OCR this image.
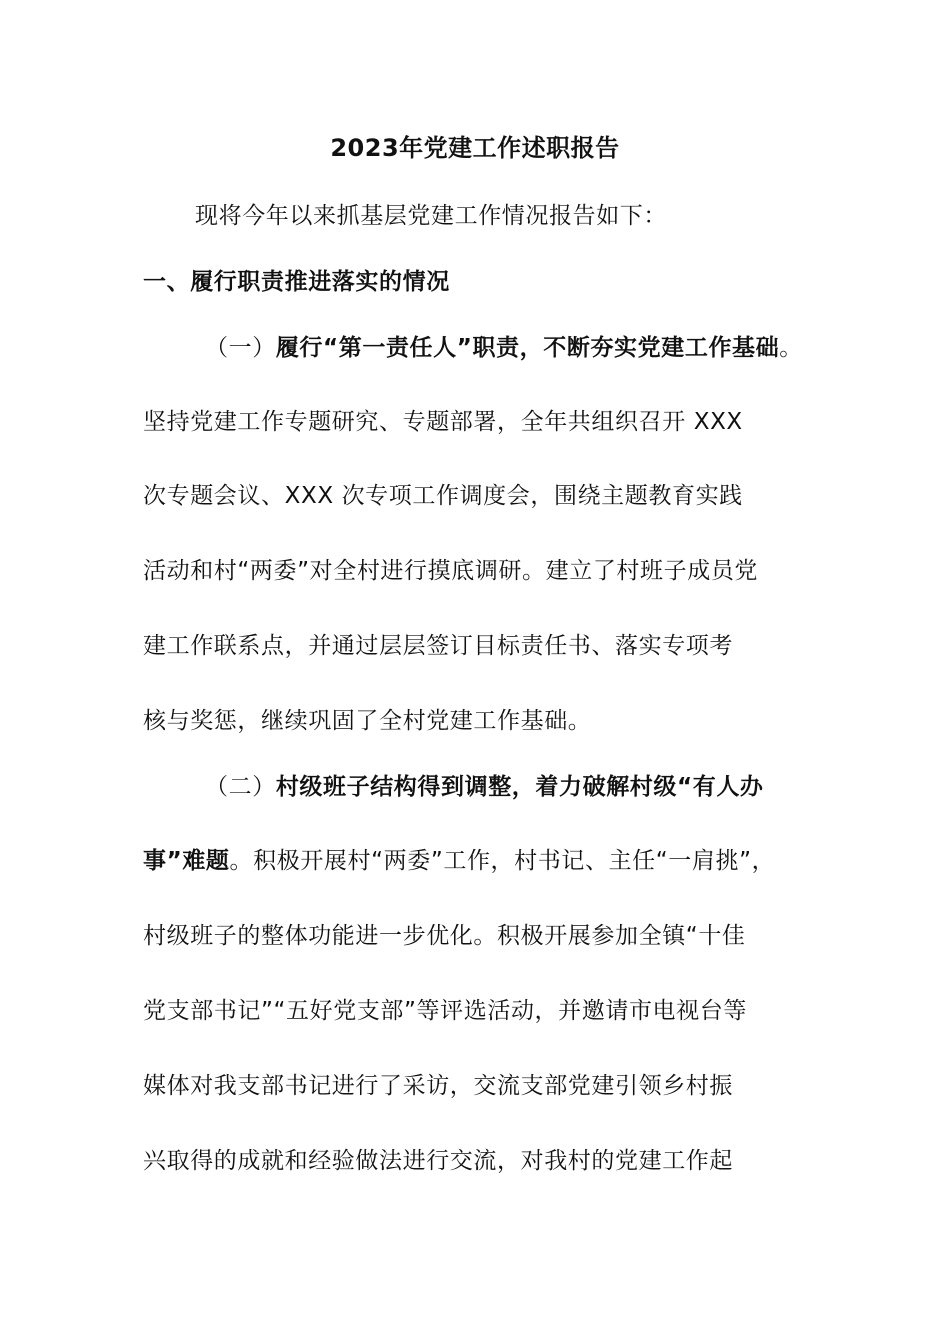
2023年党建工作述职报告
现将今年以来抓基层党建工作情况报告如下：
一、履行职责推进落实的情况
（一）履行“第一责任人”职责，不断夯实党建工作基础。
坚持党建工作专题研究、专题部署，全年共组织召开 XXX
次专题会议、XXX 次专项工作调度会，围绕主题教育实践
活动和村“两委”对全村进行摸底调研。建立了村班子成员党
建工作联系点，并通过层层签订目标责任书、落实专项考
核与奖惩，继续巩固了全村党建工作基础。
（二）村级班子结构得到调整，着力破解村级“有人办
事”难题。积极开展村“两委”工作，村书记、主任“一肩挑”，
村级班子的整体功能进一步优化。积极开展参加全镇“十佳
党支部书记”“五好党支部”等评选活动，并邀请市电视台等
媒体对我支部书记进行了采访，交流支部党建引领乡村振
兴取得的成就和经验做法进行交流，对我村的党建工作起
